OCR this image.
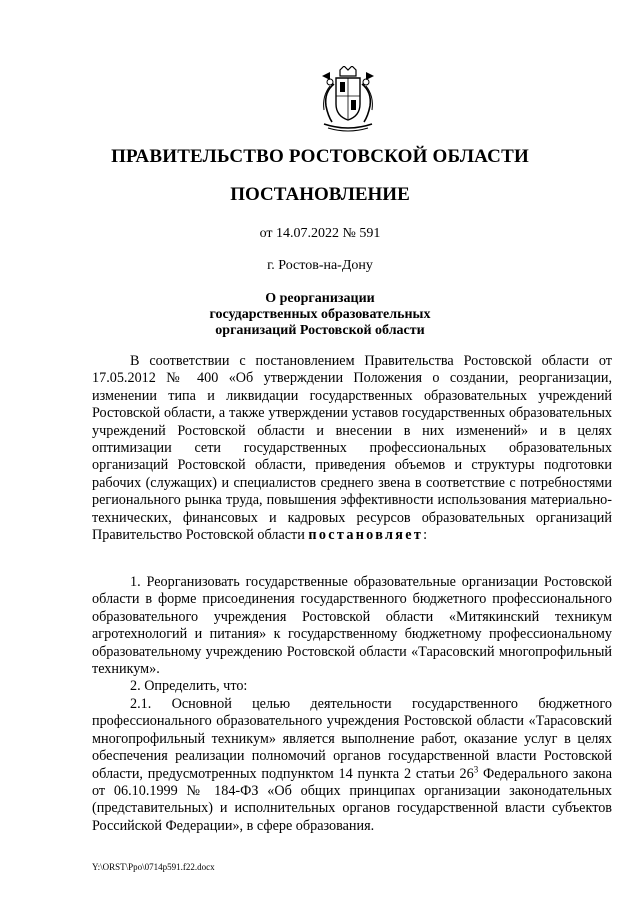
ПРАВИТЕЛЬСТВО РОСТОВСКОЙ ОБЛАСТИ
ПОСТАНОВЛЕНИЕ
от 14.07.2022 № 591
г. Ростов-на-Дону
О реорганизации
государственных образовательных
организаций Ростовской области
В соответствии с постановлением Правительства Ростовской области от 17.05.2012 № 400 «Об утверждении Положения о создании, реорганизации, изменении типа и ликвидации государственных образовательных учреждений Ростовской области, а также утверждении уставов государственных образовательных учреждений Ростовской области и внесении в них изменений» и в целях оптимизации сети государственных профессиональных образовательных организаций Ростовской области, приведения объемов и структуры подготовки рабочих (служащих) и специалистов среднего звена в соответствие с потребностями регионального рынка труда, повышения эффективности использования материально-технических, финансовых и кадровых ресурсов образовательных организаций Правительство Ростовской области постановляет:
1. Реорганизовать государственные образовательные организации Ростовской области в форме присоединения государственного бюджетного профессионального образовательного учреждения Ростовской области «Митякинский техникум агротехнологий и питания» к государственному бюджетному профессиональному образовательному учреждению Ростовской области «Тарасовский многопрофильный техникум».
2. Определить, что:
2.1. Основной целью деятельности государственного бюджетного профессионального образовательного учреждения Ростовской области «Тарасовский многопрофильный техникум» является выполнение работ, оказание услуг в целях обеспечения реализации полномочий органов государственной власти Ростовской области, предусмотренных подпунктом 14 пункта 2 статьи $26^3$ Федерального закона от 06.10.1999 № 184-ФЗ «Об общих принципах организации законодательных (представительных) и исполнительных органов государственной власти субъектов Российской Федерации», в сфере образования.
Y:\ORST\Ppo\0714p591.f22.docx
